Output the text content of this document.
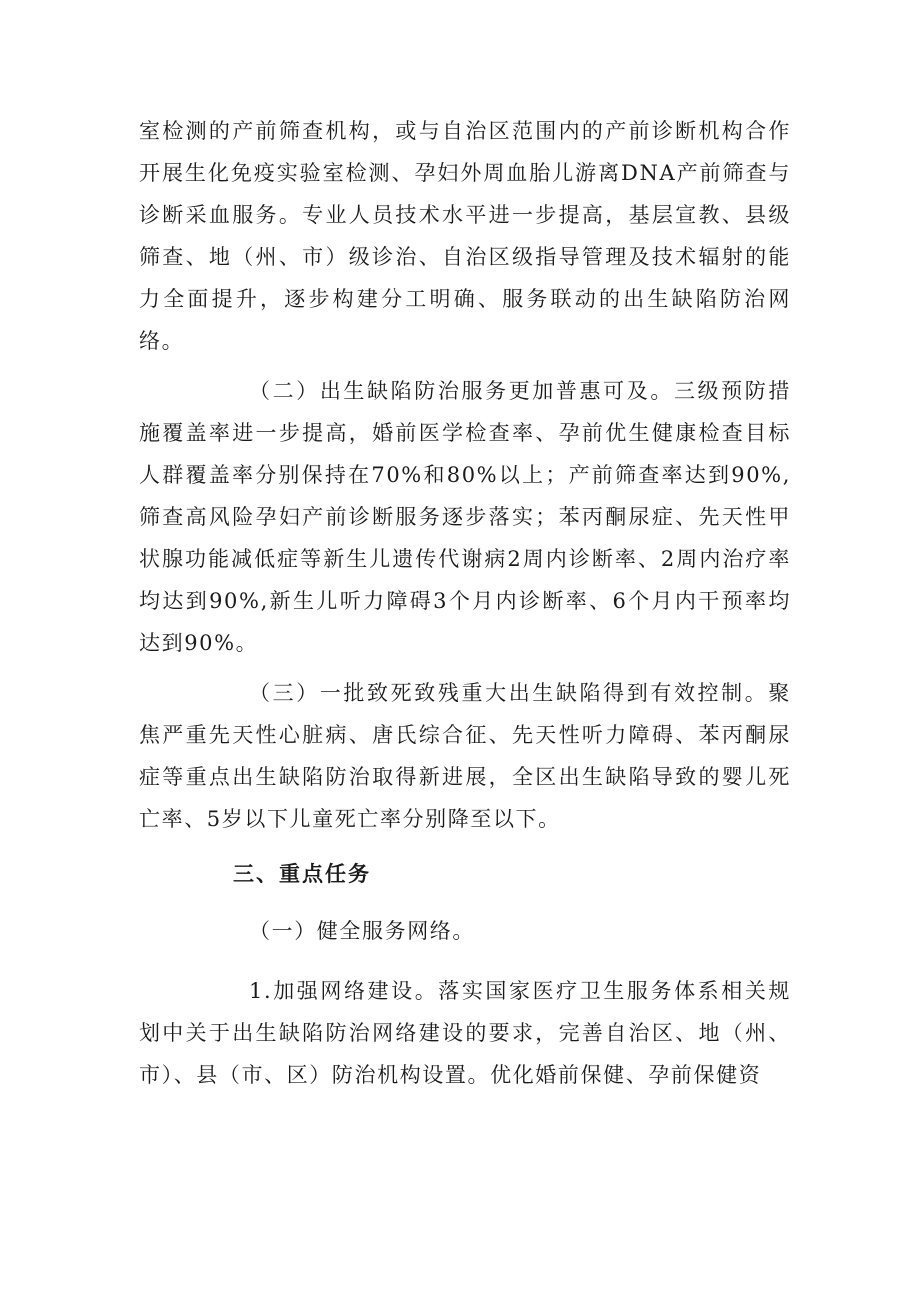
室检测的产前筛查机构，或与自治区范围内的产前诊断机构合作开展生化免疫实验室检测、孕妇外周血胎儿游离DNA产前筛查与诊断采血服务。专业人员技术水平进一步提高，基层宣教、县级筛查、地（州、市）级诊治、自治区级指导管理及技术辐射的能力全面提升，逐步构建分工明确、服务联动的出生缺陷防治网络。

（二）出生缺陷防治服务更加普惠可及。三级预防措施覆盖率进一步提高，婚前医学检查率、孕前优生健康检查目标人群覆盖率分别保持在70%和80%以上；产前筛查率达到90%,筛查高风险孕妇产前诊断服务逐步落实；苯丙酮尿症、先天性甲状腺功能减低症等新生儿遗传代谢病2周内诊断率、2周内治疗率均达到90%,新生儿听力障碍3个月内诊断率、6个月内干预率均达到90%。

（三）一批致死致残重大出生缺陷得到有效控制。聚焦严重先天性心脏病、唐氏综合征、先天性听力障碍、苯丙酮尿症等重点出生缺陷防治取得新进展，全区出生缺陷导致的婴儿死亡率、5岁以下儿童死亡率分别降至以下。

三、重点任务

（一）健全服务网络。

1.加强网络建设。落实国家医疗卫生服务体系相关规划中关于出生缺陷防治网络建设的要求，完善自治区、地（州、市）、县（市、区）防治机构设置。优化婚前保健、孕前保健资
